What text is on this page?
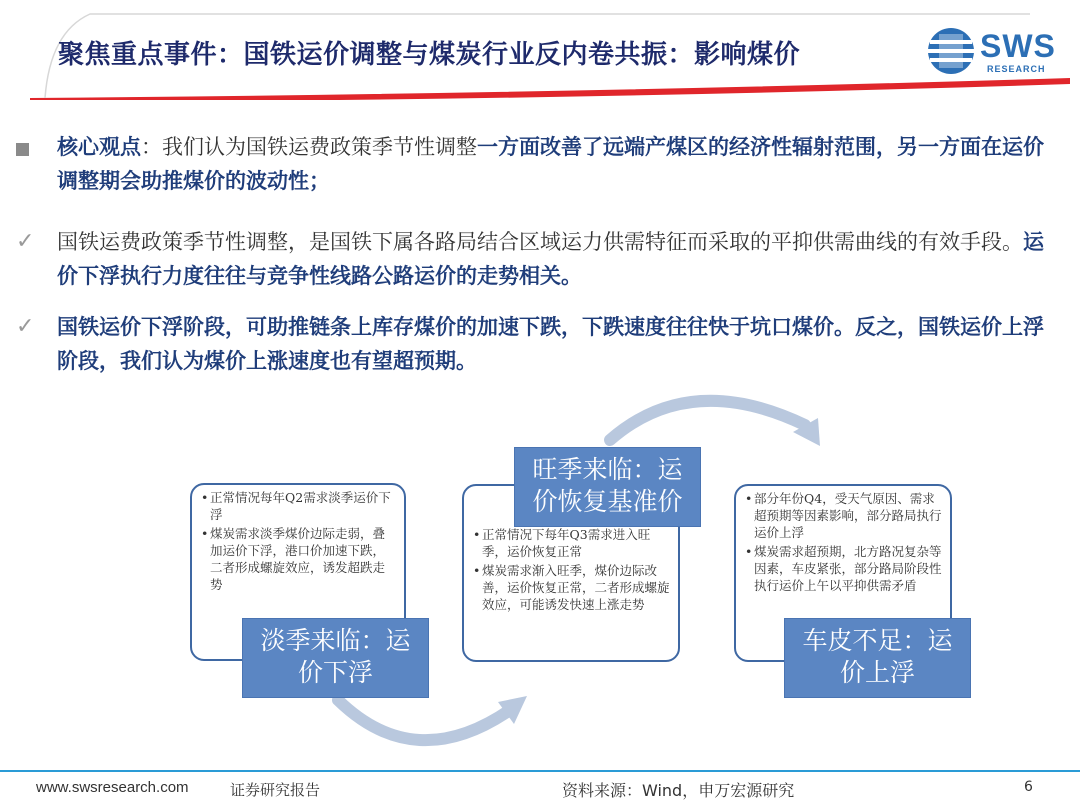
聚焦重点事件：国铁运价调整与煤炭行业反内卷共振：影响煤价	SWS
RESEARCH
核心观点：我们认为国铁运费政策季节性调整一方面改善了远端产煤区的经济性辐射范围，另一方面在运价调整期会助推煤价的波动性；
✓ 国铁运费政策季节性调整，是国铁下属各路局结合区域运力供需特征而采取的平抑供需曲线的有效手段。运价下浮执行力度往往与竞争性线路公路运价的走势相关。
✓ 国铁运价下浮阶段，可助推链条上库存煤价的加速下跌，下跌速度往往快于坑口煤价。反之，国铁运价上浮阶段，我们认为煤价上涨速度也有望超预期。
• 正常情况每年Q2需求淡季运价下浮
• 煤炭需求淡季煤价边际走弱，叠加运价下浮，港口价加速下跌，二者形成螺旋效应，诱发超跌走势
淡季来临：运价下浮
• 正常情况下每年Q3需求进入旺季，运价恢复正常
• 煤炭需求渐入旺季，煤价边际改善，运价恢复正常，二者形成螺旋效应，可能诱发快速上涨走势
旺季来临：运价恢复基准价
•	部分年份Q4，受天气原因、需求超预期等因素影响，部分路局执行运价上浮
• 煤炭需求超预期，北方路况复杂等因素，车皮紧张，部分路局阶段性执行运价上午以平抑供需矛盾
车皮不足：运价上浮
www.swsresearch.com	证券研究报告	资料来源：Wind，申万宏源研究	6
